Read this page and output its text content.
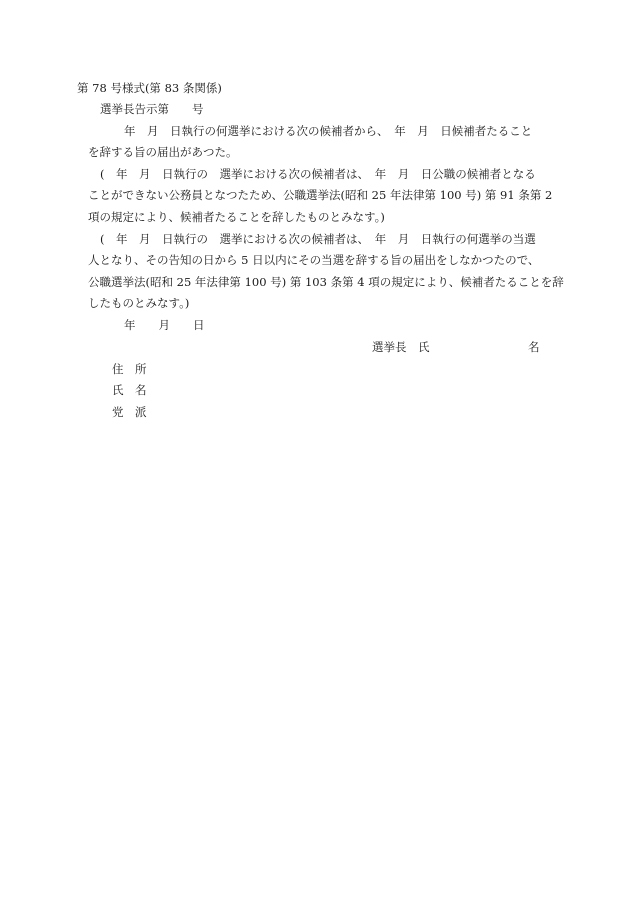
第 78 号様式(第 83 条関係)
選挙長告示第　　号
年　月　日執行の何選挙における次の候補者から、　年　月　日候補者たること
を辞する旨の届出があつた。
(　年　月　日執行の　選挙における次の候補者は、　年　月　日公職の候補者となる
ことができない公務員となつたため、公職選挙法(昭和 25 年法律第 100 号) 第 91 条第 2
項の規定により、候補者たることを辞したものとみなす。)
(　年　月　日執行の　選挙における次の候補者は、　年　月　日執行の何選挙の当選
人となり、その告知の日から 5 日以内にその当選を辞する旨の届出をしなかつたので、
公職選挙法(昭和 25 年法律第 100 号) 第 103 条第 4 項の規定により、候補者たることを辞
したものとみなす。)
年　　月　　日
選挙長　氏	名
住　所
氏　名
党　派
